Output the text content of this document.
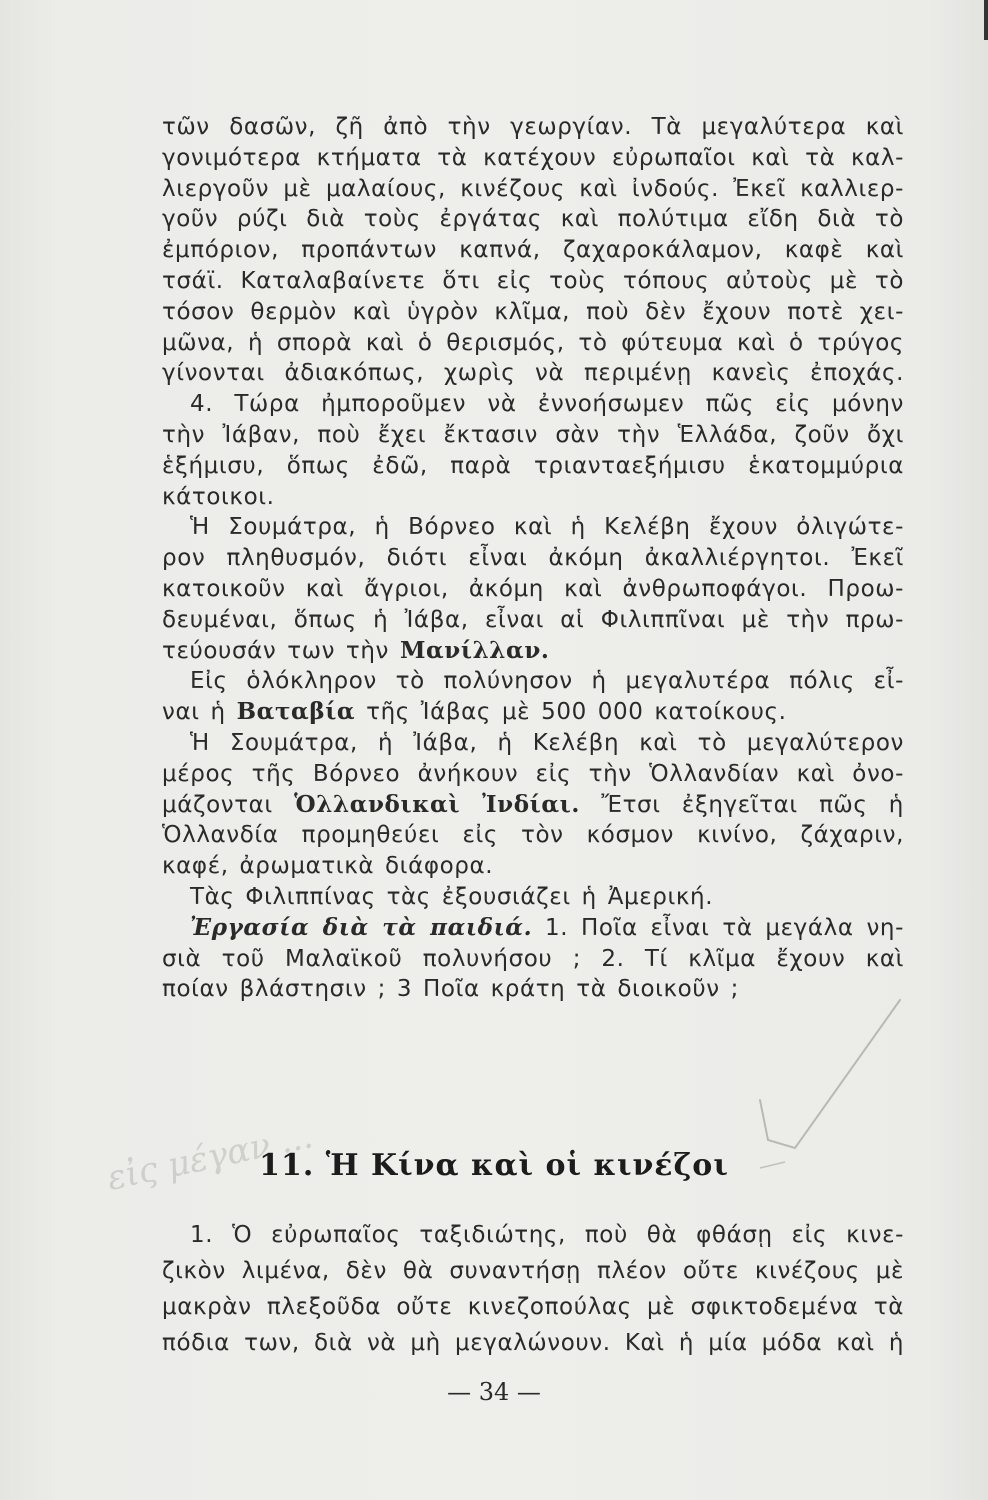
τῶν δασῶν, ζῆ ἀπὸ τὴν γεωργίαν. Τὰ μεγαλύτερα καὶ
γονιμότερα κτήματα τὰ κατέχουν εὐρωπαῖοι καὶ τὰ καλ-
λιεργοῦν μὲ μαλαίους, κινέζους καὶ ἰνδούς. Ἐκεῖ καλλιερ-
γοῦν ρύζι διὰ τοὺς ἐργάτας καὶ πολύτιμα εἴδη διὰ τὸ
ἐμπόριον, προπάντων καπνά, ζαχαροκάλαμον, καφὲ καὶ
τσάϊ. Καταλαβαίνετε ὅτι εἰς τοὺς τόπους αὐτοὺς μὲ τὸ
τόσον θερμὸν καὶ ὑγρὸν κλῖμα, ποὺ δὲν ἔχουν ποτὲ χει-
μῶνα, ἡ σπορὰ καὶ ὁ θερισμός, τὸ φύτευμα καὶ ὁ τρύγος
γίνονται ἀδιακόπως, χωρὶς νὰ περιμένῃ κανεὶς ἐποχάς.
4. Τώρα ἠμποροῦμεν νὰ ἐννοήσωμεν πῶς εἰς μόνην
τὴν Ἰάβαν, ποὺ ἔχει ἔκτασιν σὰν τὴν Ἑλλάδα, ζοῦν ὄχι
ἑξήμισυ, ὅπως ἐδῶ, παρὰ τριανταεξήμισυ ἑκατομμύρια
κάτοικοι.
Ἡ Σουμάτρα, ἡ Βόρνεο καὶ ἡ Κελέβη ἔχουν ὀλιγώτε-
ρον πληθυσμόν, διότι εἶναι ἀκόμη ἀκαλλιέργητοι. Ἐκεῖ
κατοικοῦν καὶ ἄγριοι, ἀκόμη καὶ ἀνθρωποφάγοι. Προω-
δευμέναι, ὅπως ἡ Ἰάβα, εἶναι αἱ Φιλιππῖναι μὲ τὴν πρω-
τεύουσάν των τὴν Μανίλλαν.
Εἰς ὁλόκληρον τὸ πολύνησον ἡ μεγαλυτέρα πόλις εἶ-
ναι ἡ Βαταβία τῆς Ἰάβας μὲ 500 000 κατοίκους.
Ἡ Σουμάτρα, ἡ Ἰάβα, ἡ Κελέβη καὶ τὸ μεγαλύτερον
μέρος τῆς Βόρνεο ἀνήκουν εἰς τὴν Ὁλλανδίαν καὶ ὀνο-
μάζονται Ὁλλανδικαὶ Ἰνδίαι. Ἔτσι ἐξηγεῖται πῶς ἡ
Ὁλλανδία προμηθεύει εἰς τὸν κόσμον κινίνο, ζάχαριν,
καφέ, ἀρωματικὰ διάφορα.
Τὰς Φιλιππίνας τὰς ἐξουσιάζει ἡ Ἀμερική.
Ἐργασία διὰ τὰ παιδιά. 1. Ποῖα εἶναι τὰ μεγάλα νη-
σιὰ τοῦ Μαλαϊκοῦ πολυνήσου ; 2. Τί κλῖμα ἔχουν καὶ
ποίαν βλάστησιν ; 3 Ποῖα κράτη τὰ διοικοῦν ;
11. Ἡ Κίνα καὶ οἱ κινέζοι
1. Ὁ εὐρωπαῖος ταξιδιώτης, ποὺ θὰ φθάσῃ εἰς κινε-
ζικὸν λιμένα, δὲν θὰ συναντήσῃ πλέον οὔτε κινέζους μὲ
μακρὰν πλεξοῦδα οὔτε κινεζοπούλας μὲ σφικτοδεμένα τὰ
πόδια των, διὰ νὰ μὴ μεγαλώνουν. Καὶ ἡ μία μόδα καὶ ἡ
— 34 —
εἰς μέγαν ...
